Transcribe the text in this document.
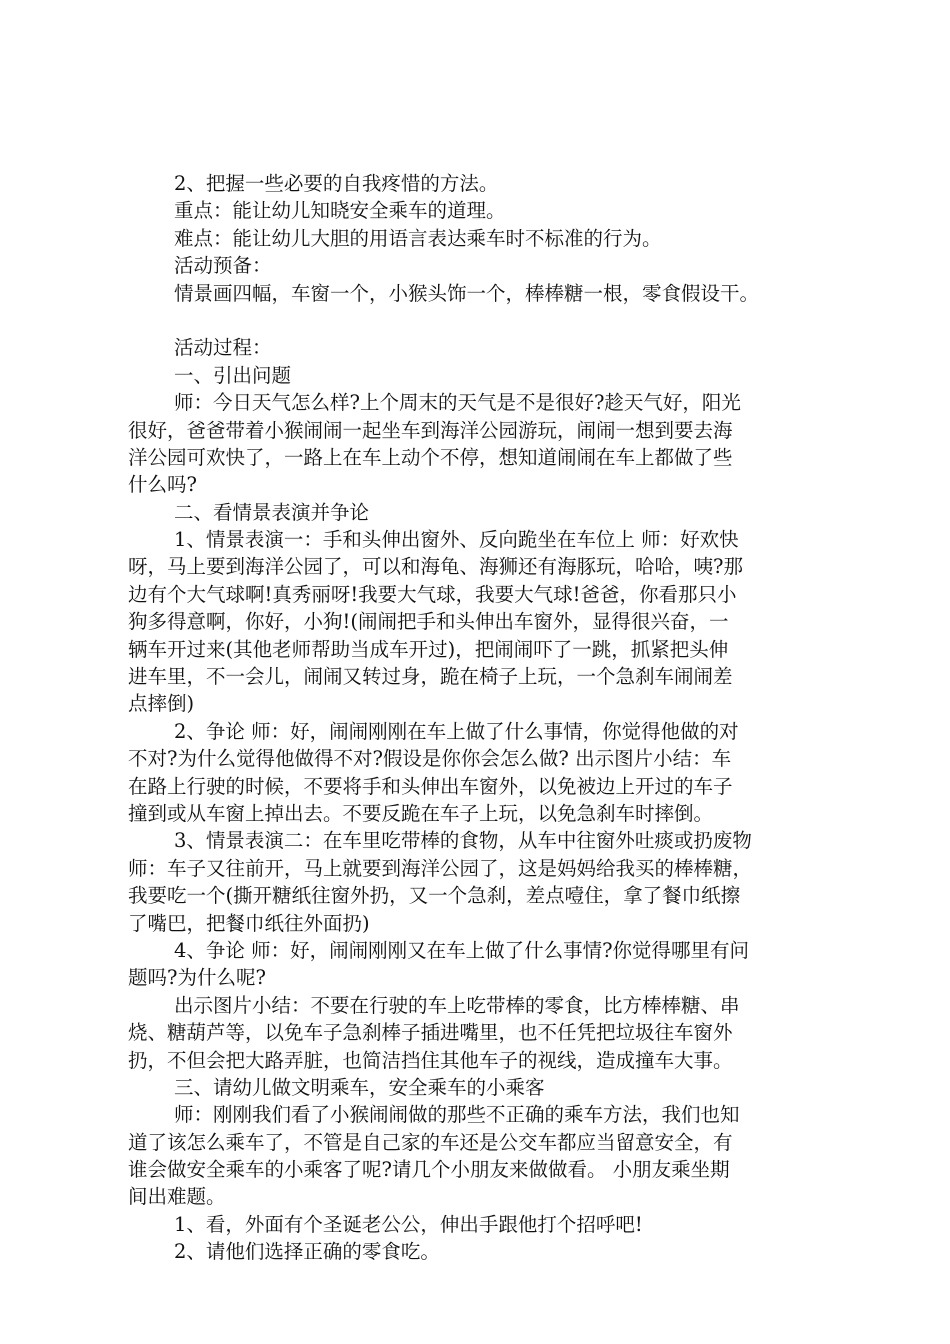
2、把握一些必要的自我疼惜的方法。
重点：能让幼儿知晓安全乘车的道理。
难点：能让幼儿大胆的用语言表达乘车时不标准的行为。
活动预备：
情景画四幅，车窗一个，小猴头饰一个，棒棒糖一根，零食假设干。
活动过程：
一、引出问题
师：今日天气怎么样?上个周末的天气是不是很好?趁天气好，阳光
很好，爸爸带着小猴闹闹一起坐车到海洋公园游玩，闹闹一想到要去海
洋公园可欢快了，一路上在车上动个不停，想知道闹闹在车上都做了些
什么吗?
二、看情景表演并争论
1、情景表演一：手和头伸出窗外、反向跪坐在车位上 师：好欢快
呀，马上要到海洋公园了，可以和海龟、海狮还有海豚玩，哈哈，咦?那
边有个大气球啊!真秀丽呀!我要大气球，我要大气球!爸爸，你看那只小
狗多得意啊，你好，小狗!(闹闹把手和头伸出车窗外，显得很兴奋，一
辆车开过来(其他老师帮助当成车开过)，把闹闹吓了一跳，抓紧把头伸
进车里，不一会儿，闹闹又转过身，跪在椅子上玩，一个急刹车闹闹差
点摔倒)
2、争论 师：好，闹闹刚刚在车上做了什么事情，你觉得他做的对
不对?为什么觉得他做得不对?假设是你你会怎么做? 出示图片小结：车
在路上行驶的时候，不要将手和头伸出车窗外，以免被边上开过的车子
撞到或从车窗上掉出去。不要反跪在车子上玩，以免急刹车时摔倒。
3、情景表演二：在车里吃带棒的食物，从车中往窗外吐痰或扔废物
师：车子又往前开，马上就要到海洋公园了，这是妈妈给我买的棒棒糖，
我要吃一个(撕开糖纸往窗外扔，又一个急刹，差点噎住，拿了餐巾纸擦
了嘴巴，把餐巾纸往外面扔)
4、争论 师：好，闹闹刚刚又在车上做了什么事情?你觉得哪里有问
题吗?为什么呢?
出示图片小结：不要在行驶的车上吃带棒的零食，比方棒棒糖、串
烧、糖葫芦等，以免车子急刹棒子插进嘴里，也不任凭把垃圾往车窗外
扔，不但会把大路弄脏，也简洁挡住其他车子的视线，造成撞车大事。
三、请幼儿做文明乘车，安全乘车的小乘客
师：刚刚我们看了小猴闹闹做的那些不正确的乘车方法，我们也知
道了该怎么乘车了，不管是自己家的车还是公交车都应当留意安全，有
谁会做安全乘车的小乘客了呢?请几个小朋友来做做看。 小朋友乘坐期
间出难题。
1、看，外面有个圣诞老公公，伸出手跟他打个招呼吧!
2、请他们选择正确的零食吃。
